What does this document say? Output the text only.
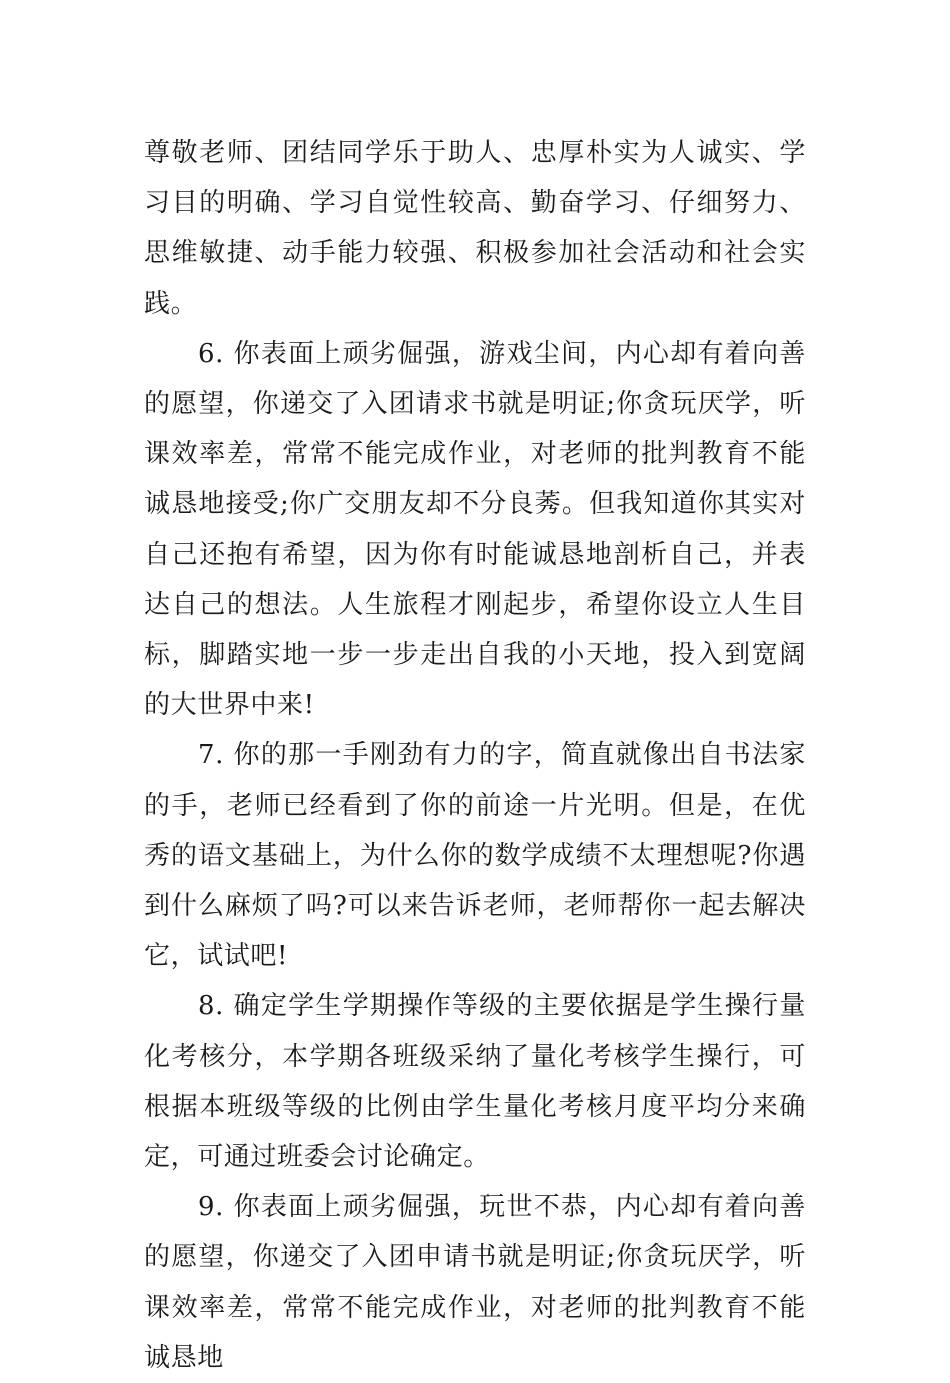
尊敬老师、团结同学乐于助人、忠厚朴实为人诚实、学习目的明确、学习自觉性较高、勤奋学习、仔细努力、思维敏捷、动手能力较强、积极参加社会活动和社会实践。

6. 你表面上顽劣倔强，游戏尘间，内心却有着向善的愿望，你递交了入团请求书就是明证;你贪玩厌学，听课效率差，常常不能完成作业，对老师的批判教育不能诚恳地接受;你广交朋友却不分良莠。但我知道你其实对自己还抱有希望，因为你有时能诚恳地剖析自己，并表达自己的想法。人生旅程才刚起步，希望你设立人生目标，脚踏实地一步一步走出自我的小天地，投入到宽阔的大世界中来!

7. 你的那一手刚劲有力的字，简直就像出自书法家的手，老师已经看到了你的前途一片光明。但是，在优秀的语文基础上，为什么你的数学成绩不太理想呢?你遇到什么麻烦了吗?可以来告诉老师，老师帮你一起去解决它，试试吧!

8. 确定学生学期操作等级的主要依据是学生操行量化考核分，本学期各班级采纳了量化考核学生操行，可根据本班级等级的比例由学生量化考核月度平均分来确定，可通过班委会讨论确定。

9. 你表面上顽劣倔强，玩世不恭，内心却有着向善的愿望，你递交了入团申请书就是明证;你贪玩厌学，听课效率差，常常不能完成作业，对老师的批判教育不能诚恳地
